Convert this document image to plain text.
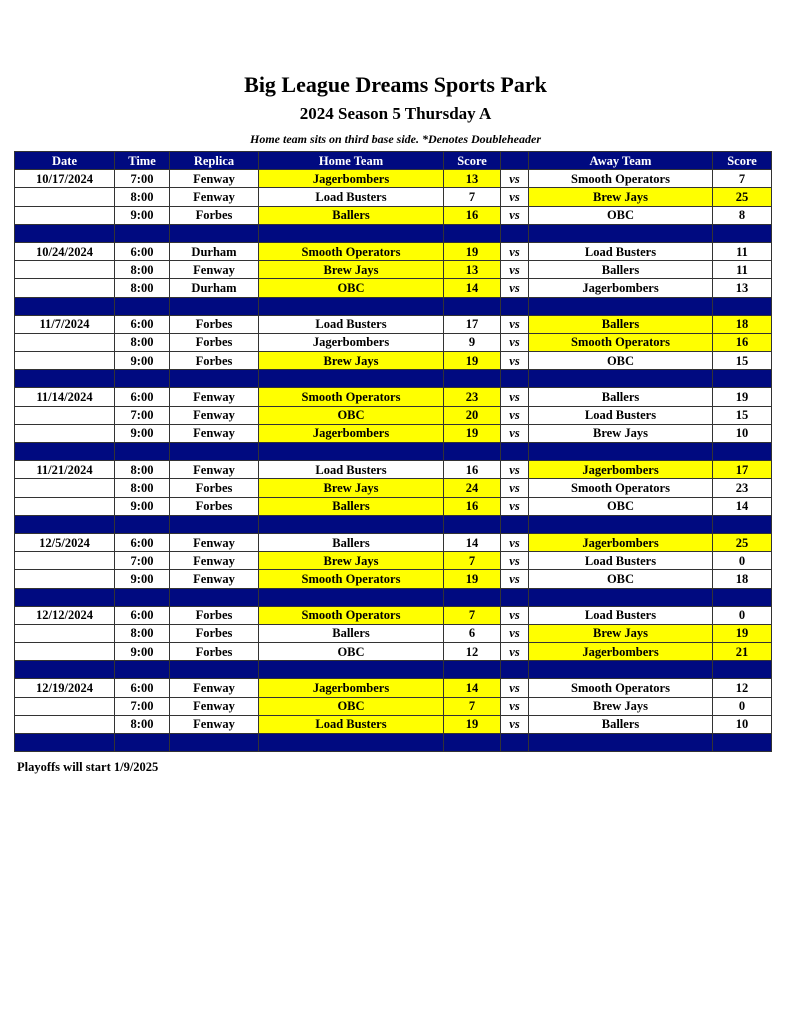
Big League Dreams Sports Park
2024 Season 5 Thursday A
Home team sits on third base side. *Denotes Doubleheader
Date	Time	Replica	Home Team	Score		Away Team	Score
10/17/2024	7:00	Fenway	Jagerbombers	13	vs	Smooth Operators	7
	8:00	Fenway	Load Busters	7	vs	Brew Jays	25
	9:00	Forbes	Ballers	16	vs	OBC	8

10/24/2024	6:00	Durham	Smooth Operators	19	vs	Load Busters	11
	8:00	Fenway	Brew Jays	13	vs	Ballers	11
	8:00	Durham	OBC	14	vs	Jagerbombers	13

11/7/2024	6:00	Forbes	Load Busters	17	vs	Ballers	18
	8:00	Forbes	Jagerbombers	9	vs	Smooth Operators	16
	9:00	Forbes	Brew Jays	19	vs	OBC	15

11/14/2024	6:00	Fenway	Smooth Operators	23	vs	Ballers	19
	7:00	Fenway	OBC	20	vs	Load Busters	15
	9:00	Fenway	Jagerbombers	19	vs	Brew Jays	10

11/21/2024	8:00	Fenway	Load Busters	16	vs	Jagerbombers	17
	8:00	Forbes	Brew Jays	24	vs	Smooth Operators	23
	9:00	Forbes	Ballers	16	vs	OBC	14

12/5/2024	6:00	Fenway	Ballers	14	vs	Jagerbombers	25
	7:00	Fenway	Brew Jays	7	vs	Load Busters	0
	9:00	Fenway	Smooth Operators	19	vs	OBC	18

12/12/2024	6:00	Forbes	Smooth Operators	7	vs	Load Busters	0
	8:00	Forbes	Ballers	6	vs	Brew Jays	19
	9:00	Forbes	OBC	12	vs	Jagerbombers	21

12/19/2024	6:00	Fenway	Jagerbombers	14	vs	Smooth Operators	12
	7:00	Fenway	OBC	7	vs	Brew Jays	0
	8:00	Fenway	Load Busters	19	vs	Ballers	10

Playoffs will start 1/9/2025
